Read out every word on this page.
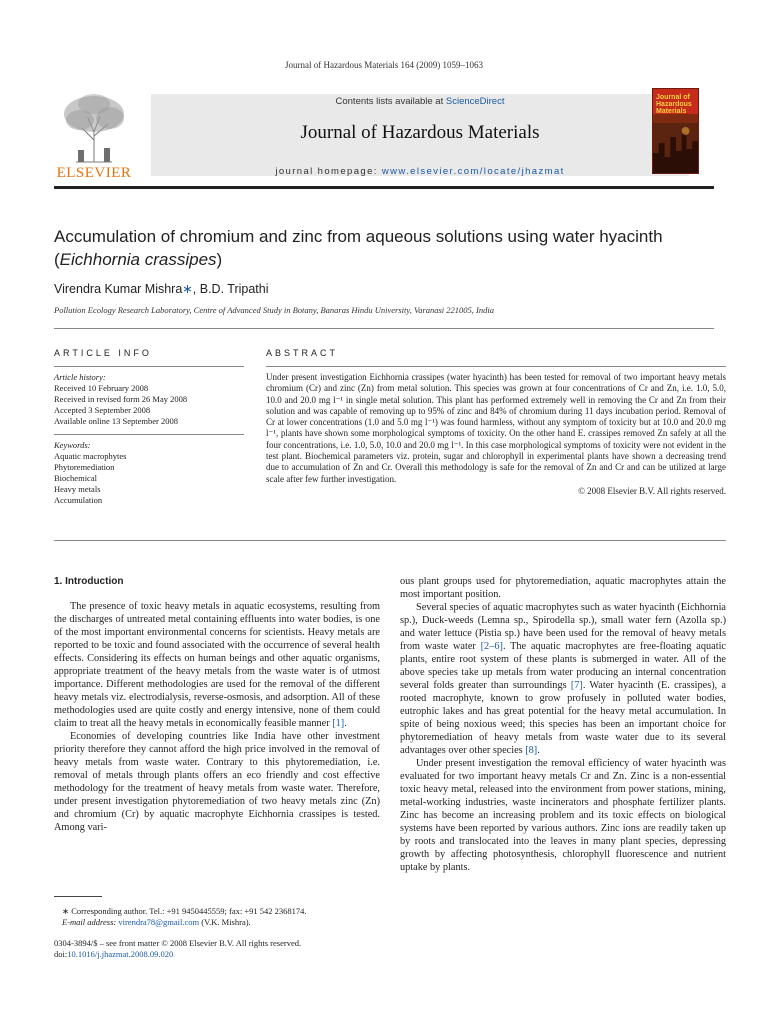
Journal of Hazardous Materials 164 (2009) 1059–1063
ELSEVIER
Contents lists available at ScienceDirect
Journal of Hazardous Materials
journal homepage: www.elsevier.com/locate/jhazmat
Journal of Hazardous Materials
Accumulation of chromium and zinc from aqueous solutions using water hyacinth (Eichhornia crassipes)
Virendra Kumar Mishra∗, B.D. Tripathi
Pollution Ecology Research Laboratory, Centre of Advanced Study in Botany, Banaras Hindu University, Varanasi 221005, India
ARTICLE INFO
Article history:
Received 10 February 2008
Received in revised form 26 May 2008
Accepted 3 September 2008
Available online 13 September 2008
Keywords:
Aquatic macrophytes
Phytoremediation
Biochemical
Heavy metals
Accumulation
ABSTRACT
Under present investigation Eichhornia crassipes (water hyacinth) has been tested for removal of two important heavy metals chromium (Cr) and zinc (Zn) from metal solution. This species was grown at four concentrations of Cr and Zn, i.e. 1.0, 5.0, 10.0 and 20.0 mg l⁻¹ in single metal solution. This plant has performed extremely well in removing the Cr and Zn from their solution and was capable of removing up to 95% of zinc and 84% of chromium during 11 days incubation period. Removal of Cr at lower concentrations (1.0 and 5.0 mg l⁻¹) was found harmless, without any symptom of toxicity but at 10.0 and 20.0 mg l⁻¹, plants have shown some morphological symptoms of toxicity. On the other hand E. crassipes removed Zn safely at all the four concentrations, i.e. 1.0, 5.0, 10.0 and 20.0 mg l⁻¹. In this case morphological symptoms of toxicity were not evident in the test plant. Biochemical parameters viz. protein, sugar and chlorophyll in experimental plants have shown a decreasing trend due to accumulation of Zn and Cr. Overall this methodology is safe for the removal of Zn and Cr and can be utilized at large scale after few further investigation.
© 2008 Elsevier B.V. All rights reserved.
1. Introduction

The presence of toxic heavy metals in aquatic ecosystems, resulting from the discharges of untreated metal containing effluents into water bodies, is one of the most important environmental concerns for scientists. Heavy metals are reported to be toxic and found associated with the occurrence of several health effects. Considering its effects on human beings and other aquatic organisms, appropriate treatment of the heavy metals from the waste water is of utmost importance. Different methodologies are used for the removal of the different heavy metals viz. electrodialysis, reverse-osmosis, and adsorption. All of these methodologies used are quite costly and energy intensive, none of them could claim to treat all the heavy metals in economically feasible manner [1].

Economies of developing countries like India have other investment priority therefore they cannot afford the high price involved in the removal of heavy metals from waste water. Contrary to this phytoremediation, i.e. removal of metals through plants offers an eco friendly and cost effective methodology for the treatment of heavy metals from waste water. Therefore, under present investigation phytoremediation of two heavy metals zinc (Zn) and chromium (Cr) by aquatic macrophyte Eichhornia crassipes is tested. Among vari-

ous plant groups used for phytoremediation, aquatic macrophytes attain the most important position.

Several species of aquatic macrophytes such as water hyacinth (Eichhornia sp.), Duck-weeds (Lemna sp., Spirodella sp.), small water fern (Azolla sp.) and water lettuce (Pistia sp.) have been used for the removal of heavy metals from waste water [2–6]. The aquatic macrophytes are free-floating aquatic plants, entire root system of these plants is submerged in water. All of the above species take up metals from water producing an internal concentration several folds greater than surroundings [7]. Water hyacinth (E. crassipes), a rooted macrophyte, known to grow profusely in polluted water bodies, eutrophic lakes and has great potential for the heavy metal accumulation. In spite of being noxious weed; this species has been an important choice for phytoremediation of heavy metals from waste water due to its several advantages over other species [8].

Under present investigation the removal efficiency of water hyacinth was evaluated for two important heavy metals Cr and Zn. Zinc is a non-essential toxic heavy metal, released into the environment from power stations, mining, metal-working industries, waste incinerators and phosphate fertilizer plants. Zinc has become an increasing problem and its toxic effects on biological systems have been reported by various authors. Zinc ions are readily taken up by roots and translocated into the leaves in many plant species, depressing growth by affecting photosynthesis, chlorophyll fluorescence and nutrient uptake by plants.

∗ Corresponding author. Tel.: +91 9450445559; fax: +91 542 2368174.
E-mail address: virendra78@gmail.com (V.K. Mishra).
0304-3894/$ – see front matter © 2008 Elsevier B.V. All rights reserved.
doi:10.1016/j.jhazmat.2008.09.020
